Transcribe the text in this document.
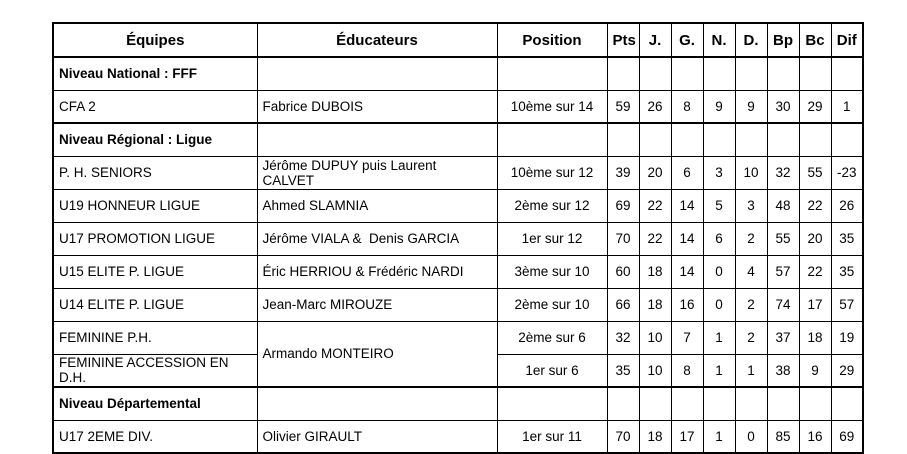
Équipes	Éducateurs	Position	Pts	J.	G.	N.	D.	Bp	Bc	Dif
Niveau National : FFF										
CFA 2	Fabrice DUBOIS	10ème sur 14	59	26	8	9	9	30	29	1
Niveau Régional : Ligue										
P. H. SENIORS	Jérôme DUPUY puis Laurent CALVET	10ème sur 12	39	20	6	3	10	32	55	-23
U19 HONNEUR LIGUE	Ahmed SLAMNIA	2ème sur 12	69	22	14	5	3	48	22	26
U17 PROMOTION LIGUE	Jérôme VIALA &  Denis GARCIA	1er sur 12	70	22	14	6	2	55	20	35
U15 ELITE P. LIGUE	Éric HERRIOU & Frédéric NARDI	3ème sur 10	60	18	14	0	4	57	22	35
U14 ELITE P. LIGUE	Jean-Marc MIROUZE	2ème sur 10	66	18	16	0	2	74	17	57
FEMININE P.H.	Armando MONTEIRO	2ème sur 6	32	10	7	1	2	37	18	19
FEMININE ACCESSION EN D.H.		1er sur 6	35	10	8	1	1	38	9	29
Niveau Départemental										
U17 2EME DIV.	Olivier GIRAULT	1er sur 11	70	18	17	1	0	85	16	69
